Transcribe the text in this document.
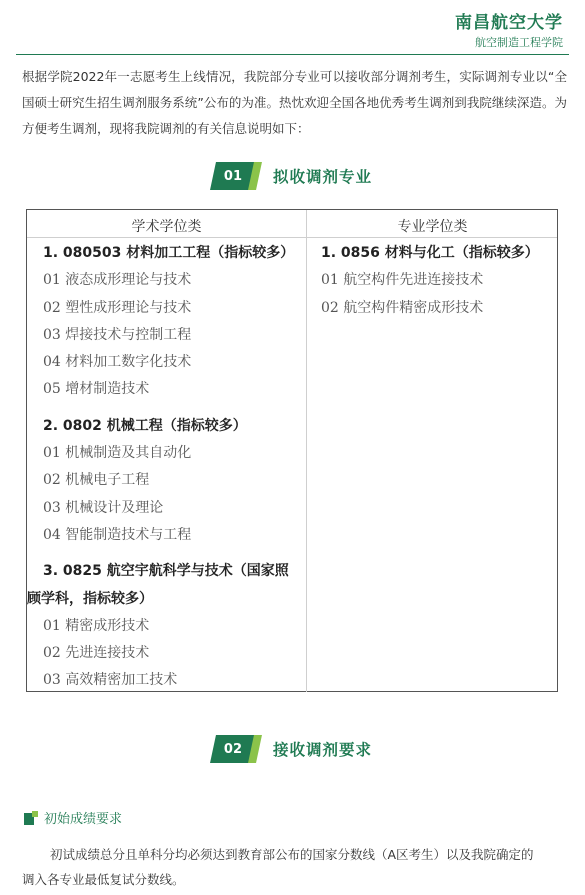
南昌航空大学
航空制造工程学院
根据学院2022年一志愿考生上线情况，我院部分专业可以接收部分调剂考生，实际调剂专业以“全国硕士研究生招生调剂服务系统”公布的为准。热忱欢迎全国各地优秀考生调剂到我院继续深造。为方便考生调剂，现将我院调剂的有关信息说明如下：
01 拟收调剂专业
学术学位类	专业学位类
1. 080503 材料加工工程（指标较多）
01 液态成形理论与技术
02 塑性成形理论与技术
03 焊接技术与控制工程
04 材料加工数字化技术
05 增材制造技术
2. 0802 机械工程（指标较多）
01 机械制造及其自动化
02 机械电子工程
03 机械设计及理论
04 智能制造技术与工程
3. 0825 航空宇航科学与技术（国家照顾学科，指标较多）
01 精密成形技术
02 先进连接技术
03 高效精密加工技术
1. 0856 材料与化工（指标较多）
01 航空构件先进连接技术
02 航空构件精密成形技术
02 接收调剂要求
初始成绩要求
初试成绩总分且单科分均必须达到教育部公布的国家分数线（A区考生）以及我院确定的调入各专业最低复试分数线。
